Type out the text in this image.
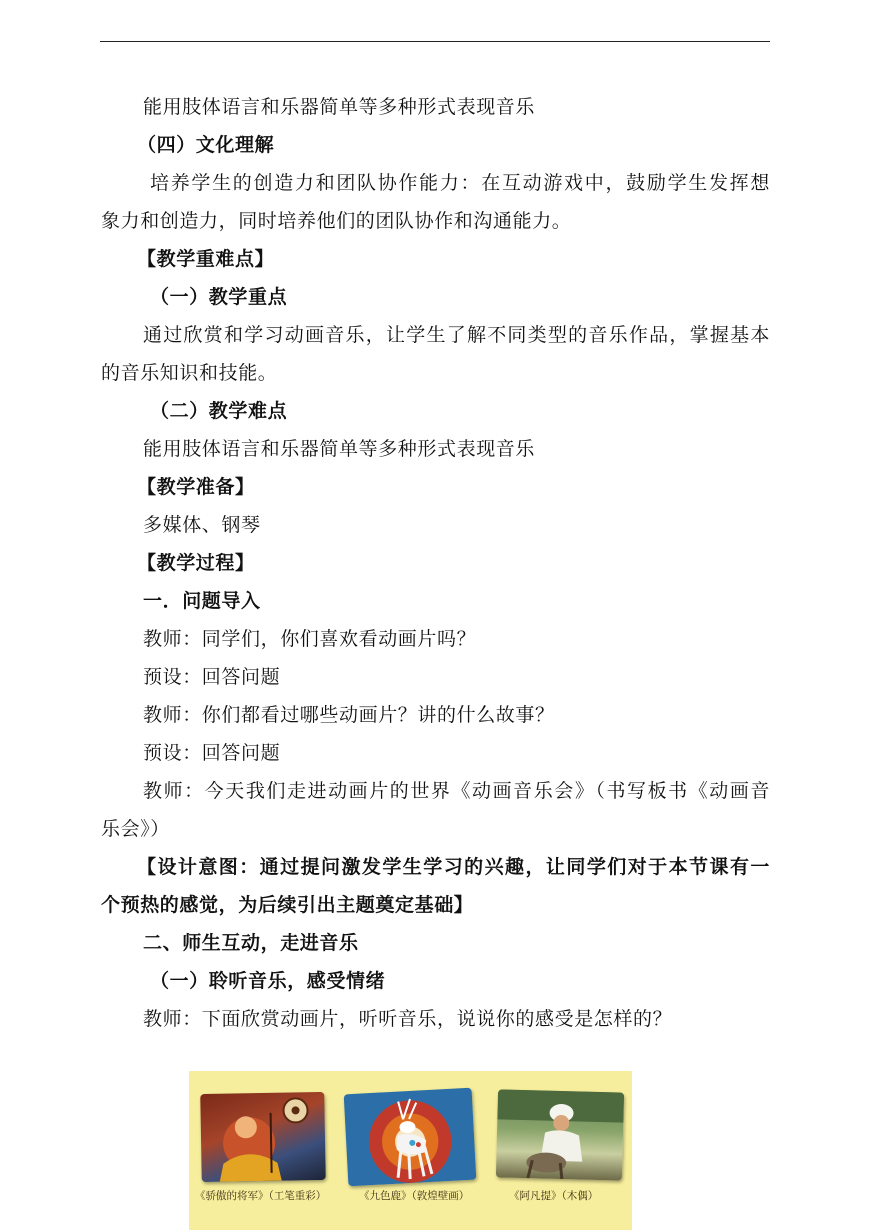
能用肢体语言和乐器简单等多种形式表现音乐
（四）文化理解
培养学生的创造力和团队协作能力：在互动游戏中，鼓励学生发挥想
象力和创造力，同时培养他们的团队协作和沟通能力。
【教学重难点】
（一）教学重点
通过欣赏和学习动画音乐，让学生了解不同类型的音乐作品，掌握基本
的音乐知识和技能。
（二）教学难点
能用肢体语言和乐器简单等多种形式表现音乐
【教学准备】
多媒体、钢琴
【教学过程】
一．问题导入
教师：同学们，你们喜欢看动画片吗？
预设：回答问题
教师：你们都看过哪些动画片？讲的什么故事？
预设：回答问题
教师：今天我们走进动画片的世界《动画音乐会》（书写板书《动画音
乐会》）
【设计意图：通过提问激发学生学习的兴趣，让同学们对于本节课有一
个预热的感觉，为后续引出主题奠定基础】
二、师生互动，走进音乐
（一）聆听音乐，感受情绪
教师：下面欣赏动画片，听听音乐，说说你的感受是怎样的？
《骄傲的将军》（工笔重彩）	《九色鹿》（敦煌壁画）	《阿凡提》（木偶）
